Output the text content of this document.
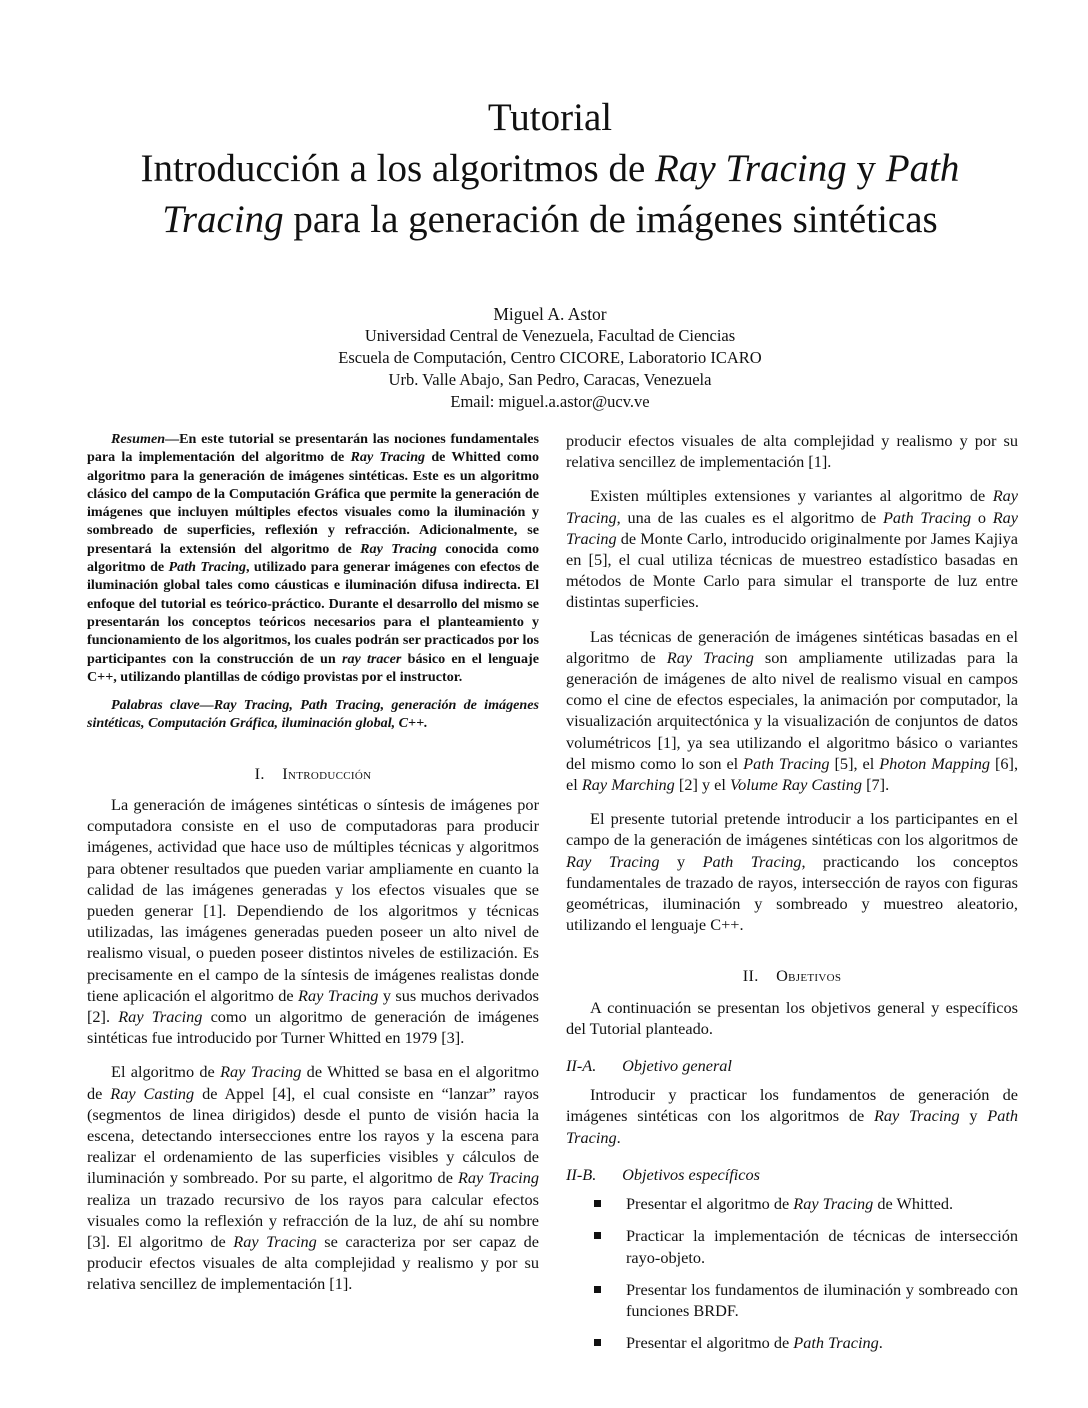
Tutorial
Introducción a los algoritmos de Ray Tracing y Path
Tracing para la generación de imágenes sintéticas
Miguel A. Astor
Universidad Central de Venezuela, Facultad de Ciencias
Escuela de Computación, Centro CICORE, Laboratorio ICARO
Urb. Valle Abajo, San Pedro, Caracas, Venezuela
Email: miguel.a.astor@ucv.ve

Resumen—En este tutorial se presentarán las nociones fundamentales para la implementación del algoritmo de Ray Tracing de Whitted como algoritmo para la generación de imágenes sintéticas. Este es un algoritmo clásico del campo de la Computación Gráfica que permite la generación de imágenes que incluyen múltiples efectos visuales como la iluminación y sombreado de superficies, reflexión y refracción. Adicionalmente, se presentará la extensión del algoritmo de Ray Tracing conocida como algoritmo de Path Tracing, utilizado para generar imágenes con efectos de iluminación global tales como cáusticas e iluminación difusa indirecta. El enfoque del tutorial es teórico-práctico. Durante el desarrollo del mismo se presentarán los conceptos teóricos necesarios para el planteamiento y funcionamiento de los algoritmos, los cuales podrán ser practicados por los participantes con la construcción de un ray tracer básico en el lenguaje C++, utilizando plantillas de código provistas por el instructor.

Palabras clave—Ray Tracing, Path Tracing, generación de imágenes sintéticas, Computación Gráfica, iluminación global, C++.

I. Introducción

La generación de imágenes sintéticas o síntesis de imágenes por computadora consiste en el uso de computadoras para producir imágenes, actividad que hace uso de múltiples técnicas y algoritmos para obtener resultados que pueden variar ampliamente en cuanto la calidad de las imágenes generadas y los efectos visuales que se pueden generar [1]. Dependiendo de los algoritmos y técnicas utilizadas, las imágenes generadas pueden poseer un alto nivel de realismo visual, o pueden poseer distintos niveles de estilización. Es precisamente en el campo de la síntesis de imágenes realistas donde tiene aplicación el algoritmo de Ray Tracing y sus muchos derivados [2]. Ray Tracing como un algoritmo de generación de imágenes sintéticas fue introducido por Turner Whitted en 1979 [3].

El algoritmo de Ray Tracing de Whitted se basa en el algoritmo de Ray Casting de Appel [4], el cual consiste en “lanzar” rayos (segmentos de linea dirigidos) desde el punto de visión hacia la escena, detectando intersecciones entre los rayos y la escena para realizar el ordenamiento de las superficies visibles y cálculos de iluminación y sombreado. Por su parte, el algoritmo de Ray Tracing realiza un trazado recursivo de los rayos para calcular efectos visuales como la reflexión y refracción de la luz, de ahí su nombre [3]. El algoritmo de Ray Tracing se caracteriza por ser capaz de producir efectos visuales de alta complejidad y realismo y por su relativa sencillez de implementación [1].

producir efectos visuales de alta complejidad y realismo y por su relativa sencillez de implementación [1].

Existen múltiples extensiones y variantes al algoritmo de Ray Tracing, una de las cuales es el algoritmo de Path Tracing o Ray Tracing de Monte Carlo, introducido originalmente por James Kajiya en [5], el cual utiliza técnicas de muestreo estadístico basadas en métodos de Monte Carlo para simular el transporte de luz entre distintas superficies.

Las técnicas de generación de imágenes sintéticas basadas en el algoritmo de Ray Tracing son ampliamente utilizadas para la generación de imágenes de alto nivel de realismo visual en campos como el cine de efectos especiales, la animación por computador, la visualización arquitectónica y la visualización de conjuntos de datos volumétricos [1], ya sea utilizando el algoritmo básico o variantes del mismo como lo son el Path Tracing [5], el Photon Mapping [6], el Ray Marching [2] y el Volume Ray Casting [7].

El presente tutorial pretende introducir a los participantes en el campo de la generación de imágenes sintéticas con los algoritmos de Ray Tracing y Path Tracing, practicando los conceptos fundamentales de trazado de rayos, intersección de rayos con figuras geométricas, iluminación y sombreado y muestreo aleatorio, utilizando el lenguaje C++.

II. Objetivos

A continuación se presentan los objetivos general y específicos del Tutorial planteado.

II-A. Objetivo general

Introducir y practicar los fundamentos de generación de imágenes sintéticas con los algoritmos de Ray Tracing y Path Tracing.

II-B. Objetivos específicos
Presentar el algoritmo de Ray Tracing de Whitted.
Practicar la implementación de técnicas de intersección rayo-objeto.
Presentar los fundamentos de iluminación y sombreado con funciones BRDF.
Presentar el algoritmo de Path Tracing.
